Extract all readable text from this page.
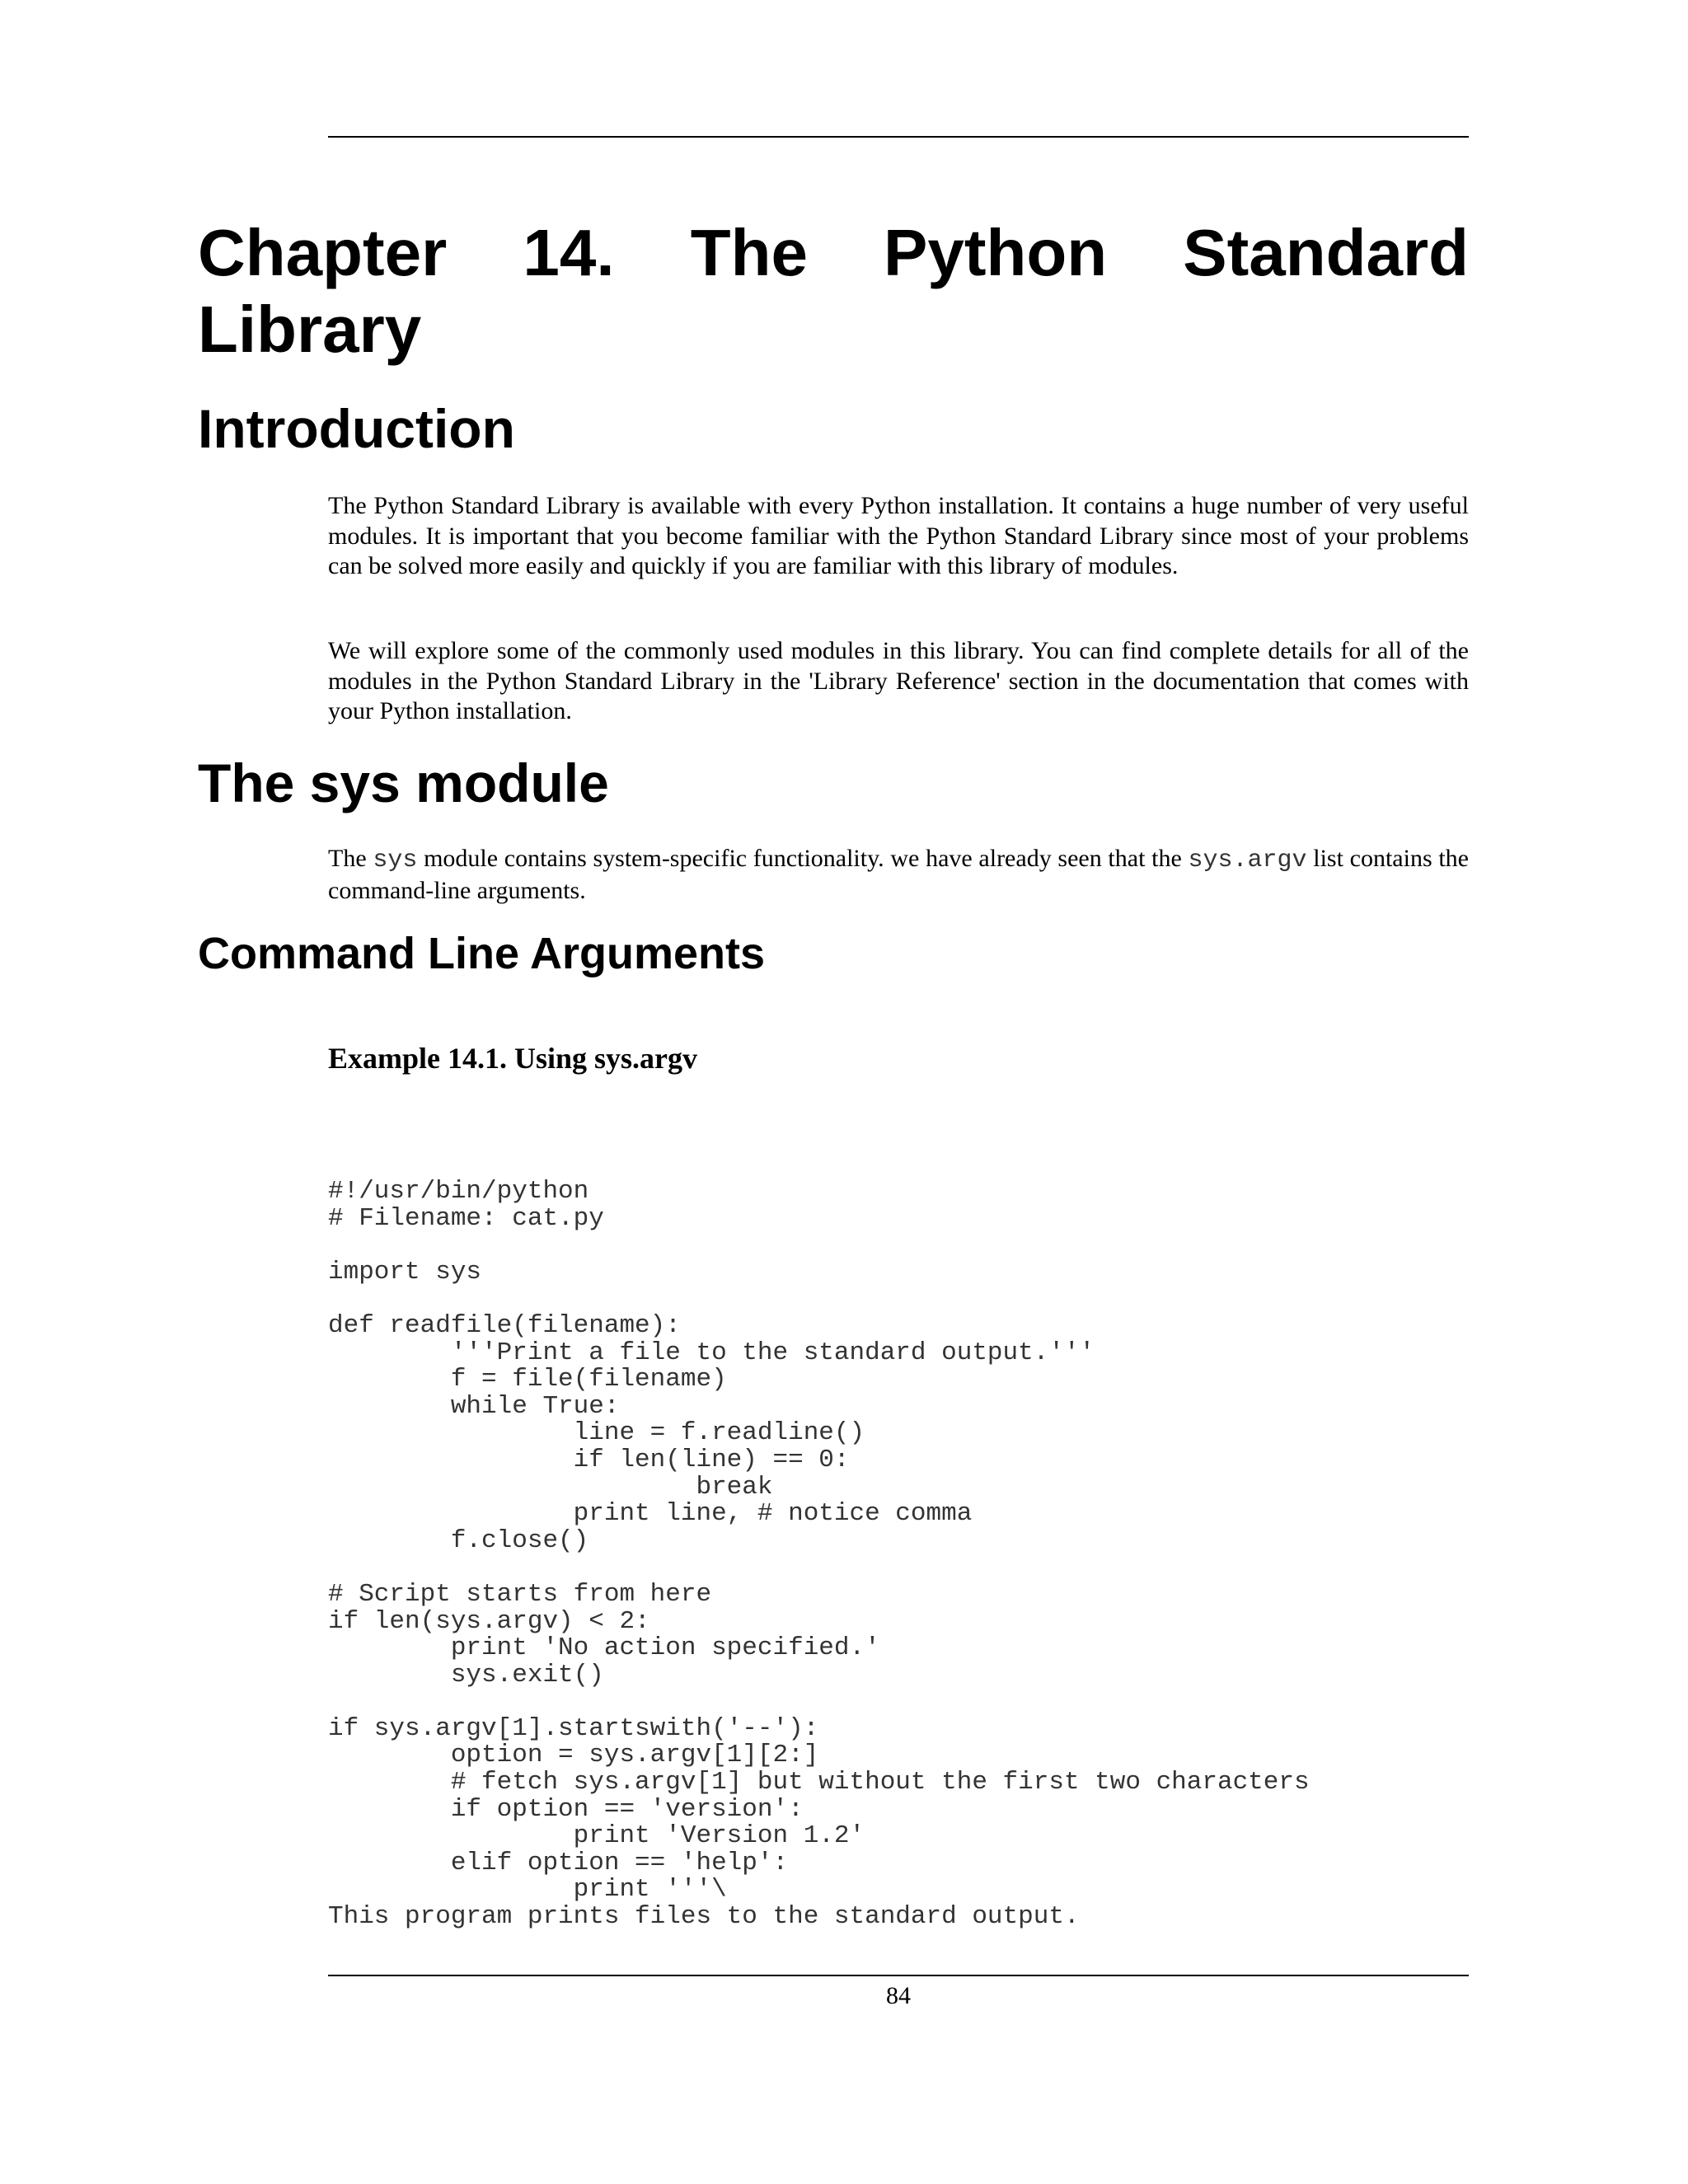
Chapter 14. The Python Standard
Library
Introduction

The Python Standard Library is available with every Python installation. It contains a huge number of very useful modules. It is important that you become familiar with the Python Standard Library since most of your problems can be solved more easily and quickly if you are familiar with this library of modules.

We will explore some of the commonly used modules in this library. You can find complete details for all of the modules in the Python Standard Library in the 'Library Reference' section in the documentation that comes with your Python installation.

The sys module

The sys module contains system-specific functionality. we have already seen that the sys.argv list contains the command-line arguments.

Command Line Arguments
Example 14.1. Using sys.argv
#!/usr/bin/python
# Filename: cat.py
import sys
def readfile(filename):
'''Print a file to the standard output.'''
f = file(filename)
while True:
line = f.readline()
if len(line) == 0:
break
print line, # notice comma
f.close()
# Script starts from here
if len(sys.argv) < 2:
print 'No action specified.'
sys.exit()
if sys.argv[1].startswith('--'):
option = sys.argv[1][2:]
# fetch sys.argv[1] but without the first two characters
if option == 'version':
print 'Version 1.2'
elif option == 'help':
print '''\
This program prints files to the standard output.
84
